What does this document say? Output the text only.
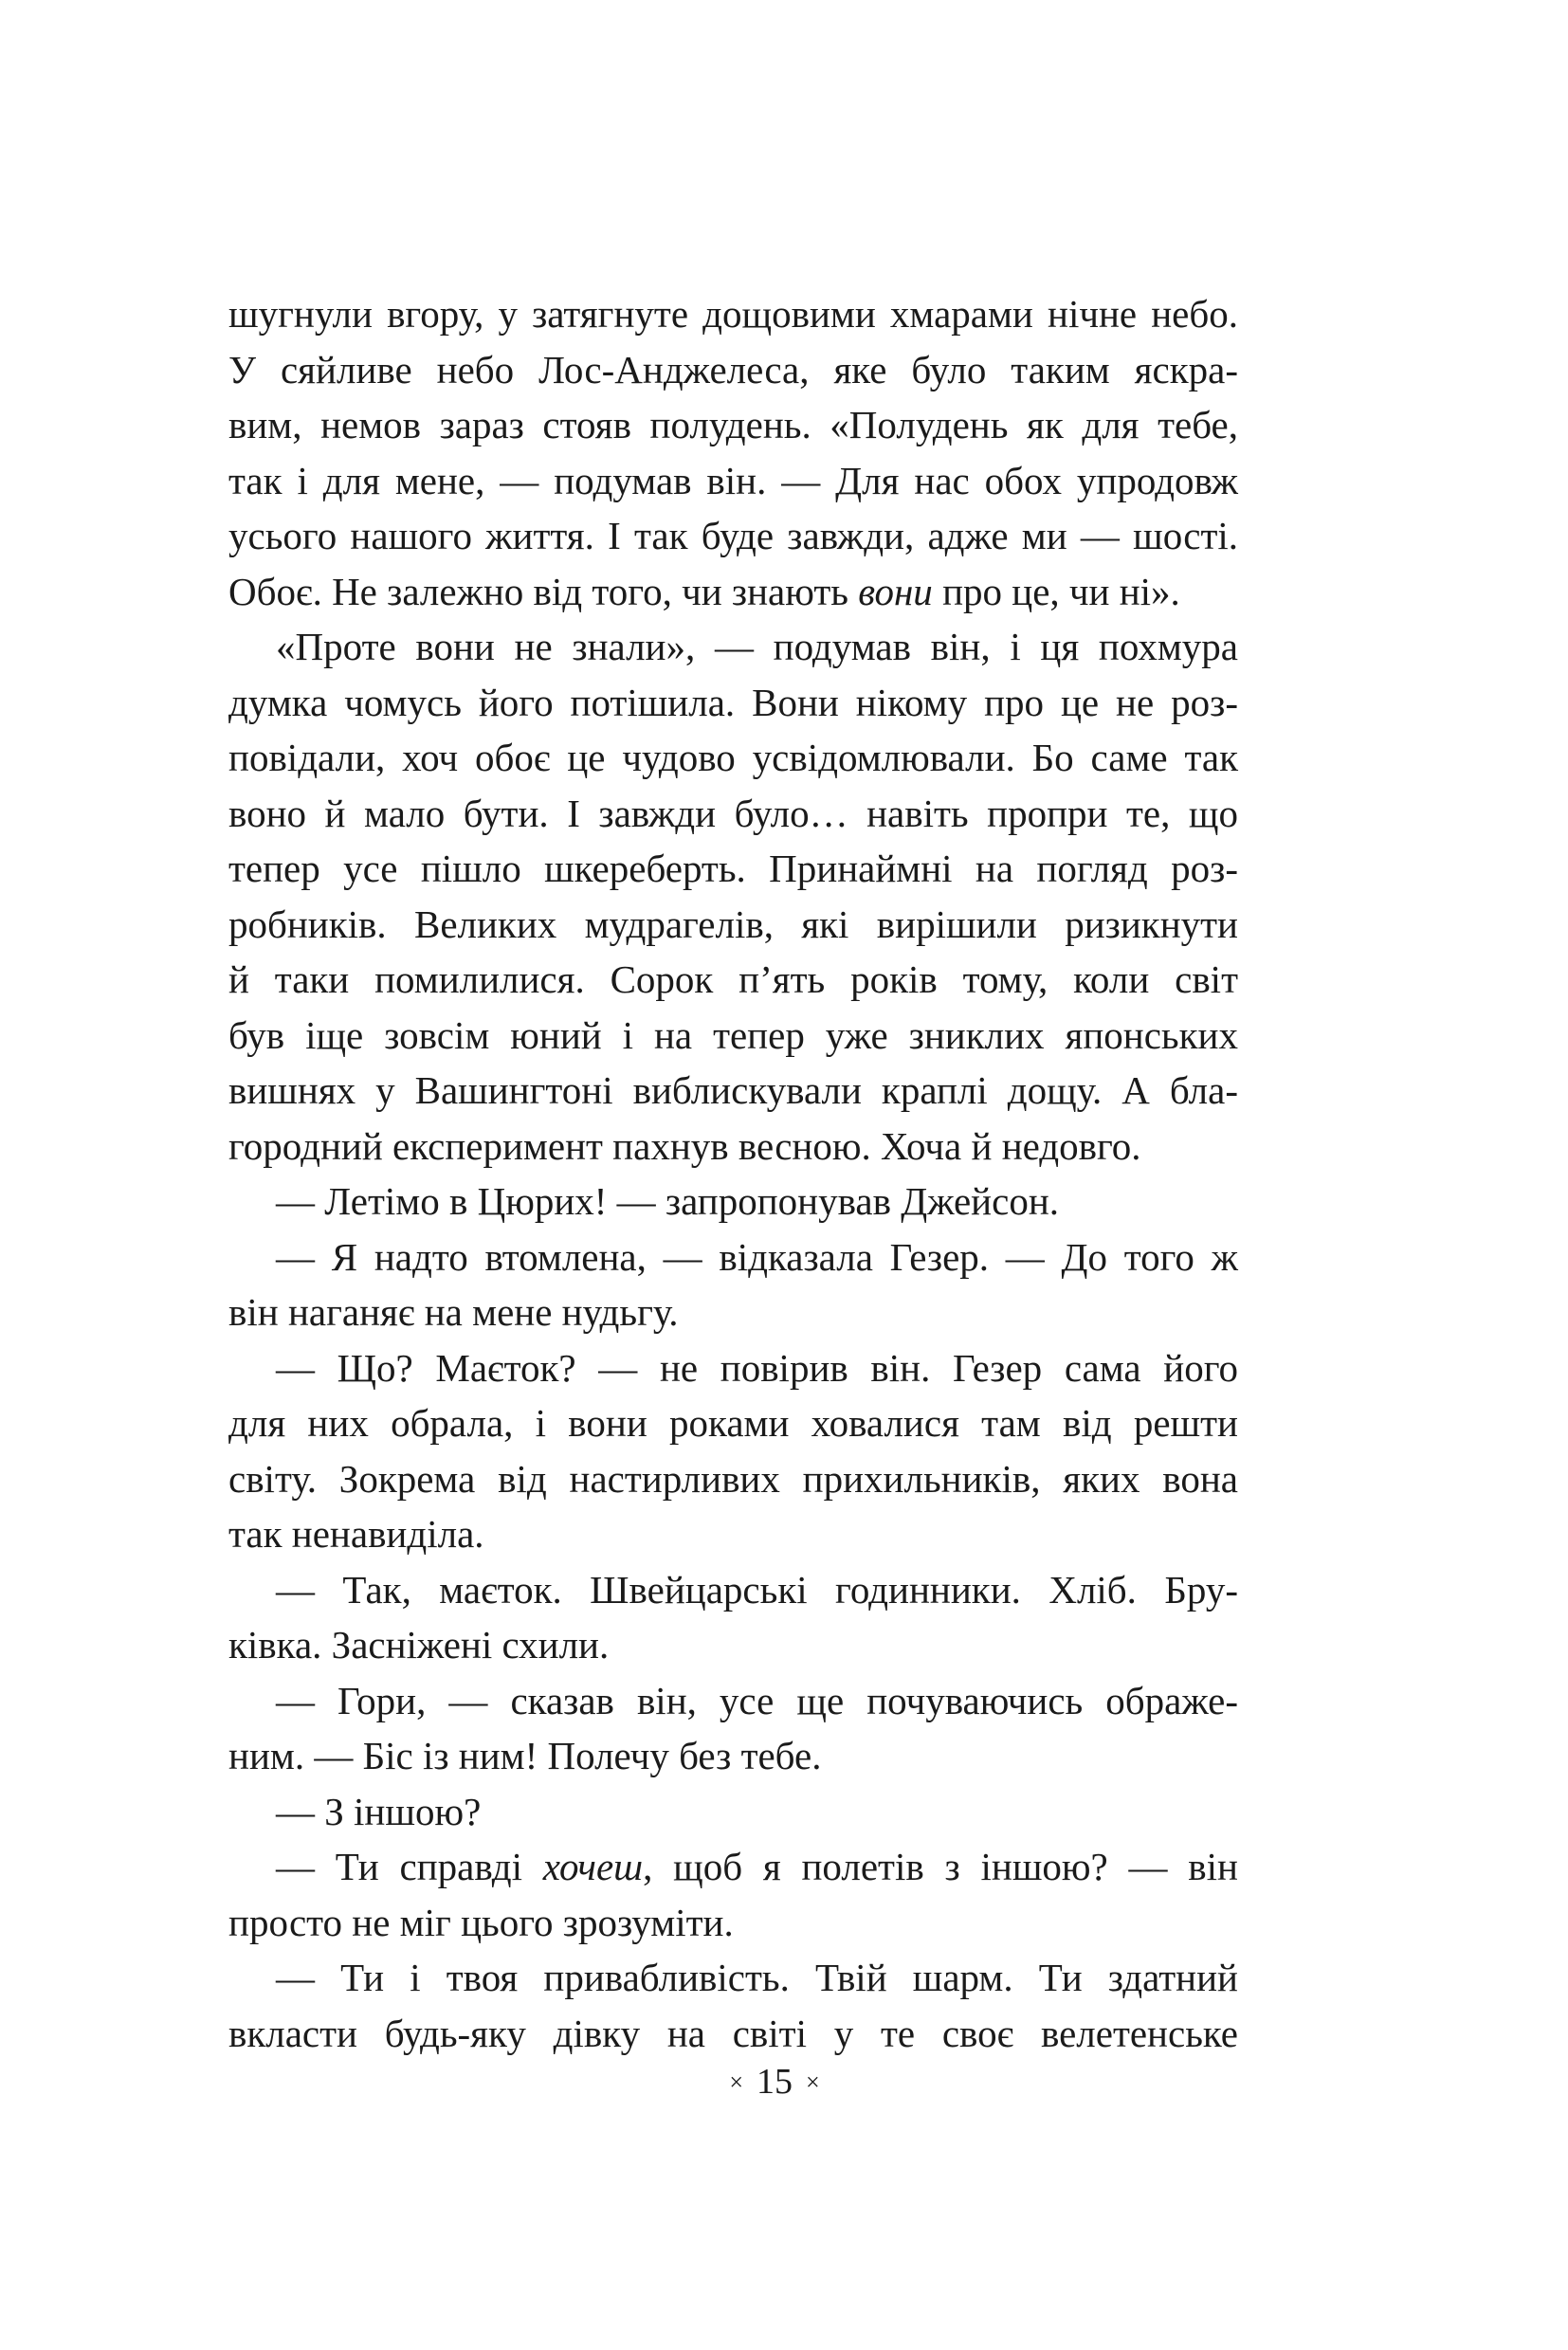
шугнули вгору, у затягнуте дощовими хмарами нічне небо.
У сяйливе небо Лос-Анджелеса, яке було таким яскра-
вим, немов зараз стояв полудень. «Полудень як для тебе,
так і для мене, — подумав він. — Для нас обох упродовж
усього нашого життя. І так буде завжди, адже ми — шості.
Обоє. Не залежно від того, чи знають вони про це, чи ні».
«Проте вони не знали», — подумав він, і ця похмура
думка чомусь його потішила. Вони нікому про це не роз-
повідали, хоч обоє це чудово усвідомлювали. Бо саме так
воно й мало бути. І завжди було… навіть пропри те, що
тепер усе пішло шкереберть. Принаймні на погляд роз-
робників. Великих мудрагелів, які вирішили ризикнути
й таки помилилися. Сорок п’ять років тому, коли світ
був іще зовсім юний і на тепер уже зниклих японських
вишнях у Вашингтоні виблискували краплі дощу. А бла-
городний експеримент пахнув весною. Хоча й недовго.
— Летімо в Цюрих! — запропонував Джейсон.
— Я надто втомлена, — відказала Гезер. — До того ж
він наганяє на мене нудьгу.
— Що? Маєток? — не повірив він. Гезер сама його
для них обрала, і вони роками ховалися там від решти
світу. Зокрема від настирливих прихильників, яких вона
так ненавиділа.
— Так, маєток. Швейцарські годинники. Хліб. Бру-
ківка. Засніжені схили.
— Гори, — сказав він, усе ще почуваючись ображе-
ним. — Біс із ним! Полечу без тебе.
— З іншою?
— Ти справді хочеш, щоб я полетів з іншою? — він
просто не міг цього зрозуміти.
— Ти і твоя привабливість. Твій шарм. Ти здатний
вкласти будь-яку дівку на світі у те своє велетенське
× 15 ×
